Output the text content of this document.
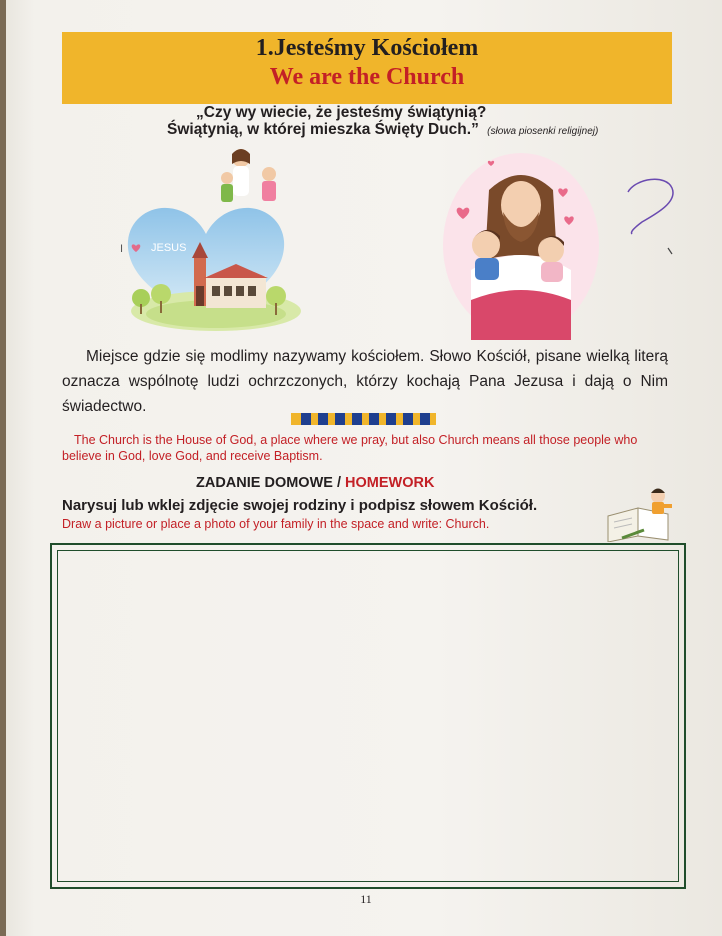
1.Jesteśmy Kościołem
We are the Church
„Czy wy wiecie, że jesteśmy świątynią?
Świątynią, w której mieszka Święty Duch.” (słowa piosenki religijnej)
JESUS
I
Miejsce gdzie się modlimy nazywamy kościołem. Słowo Kościół, pisane wielką literą oznacza wspólnotę ludzi ochrzczonych, którzy kochają Pana Jezusa i dają o Nim świadectwo.
The Church is the House of God, a place where we pray, but also Church means all those people who believe in God, love God, and receive Baptism.
ZADANIE DOMOWE / HOMEWORK
Narysuj lub wklej zdjęcie swojej rodziny i podpisz słowem Kościół.
Draw a picture or place a photo of your family in the space and write: Church.
11
